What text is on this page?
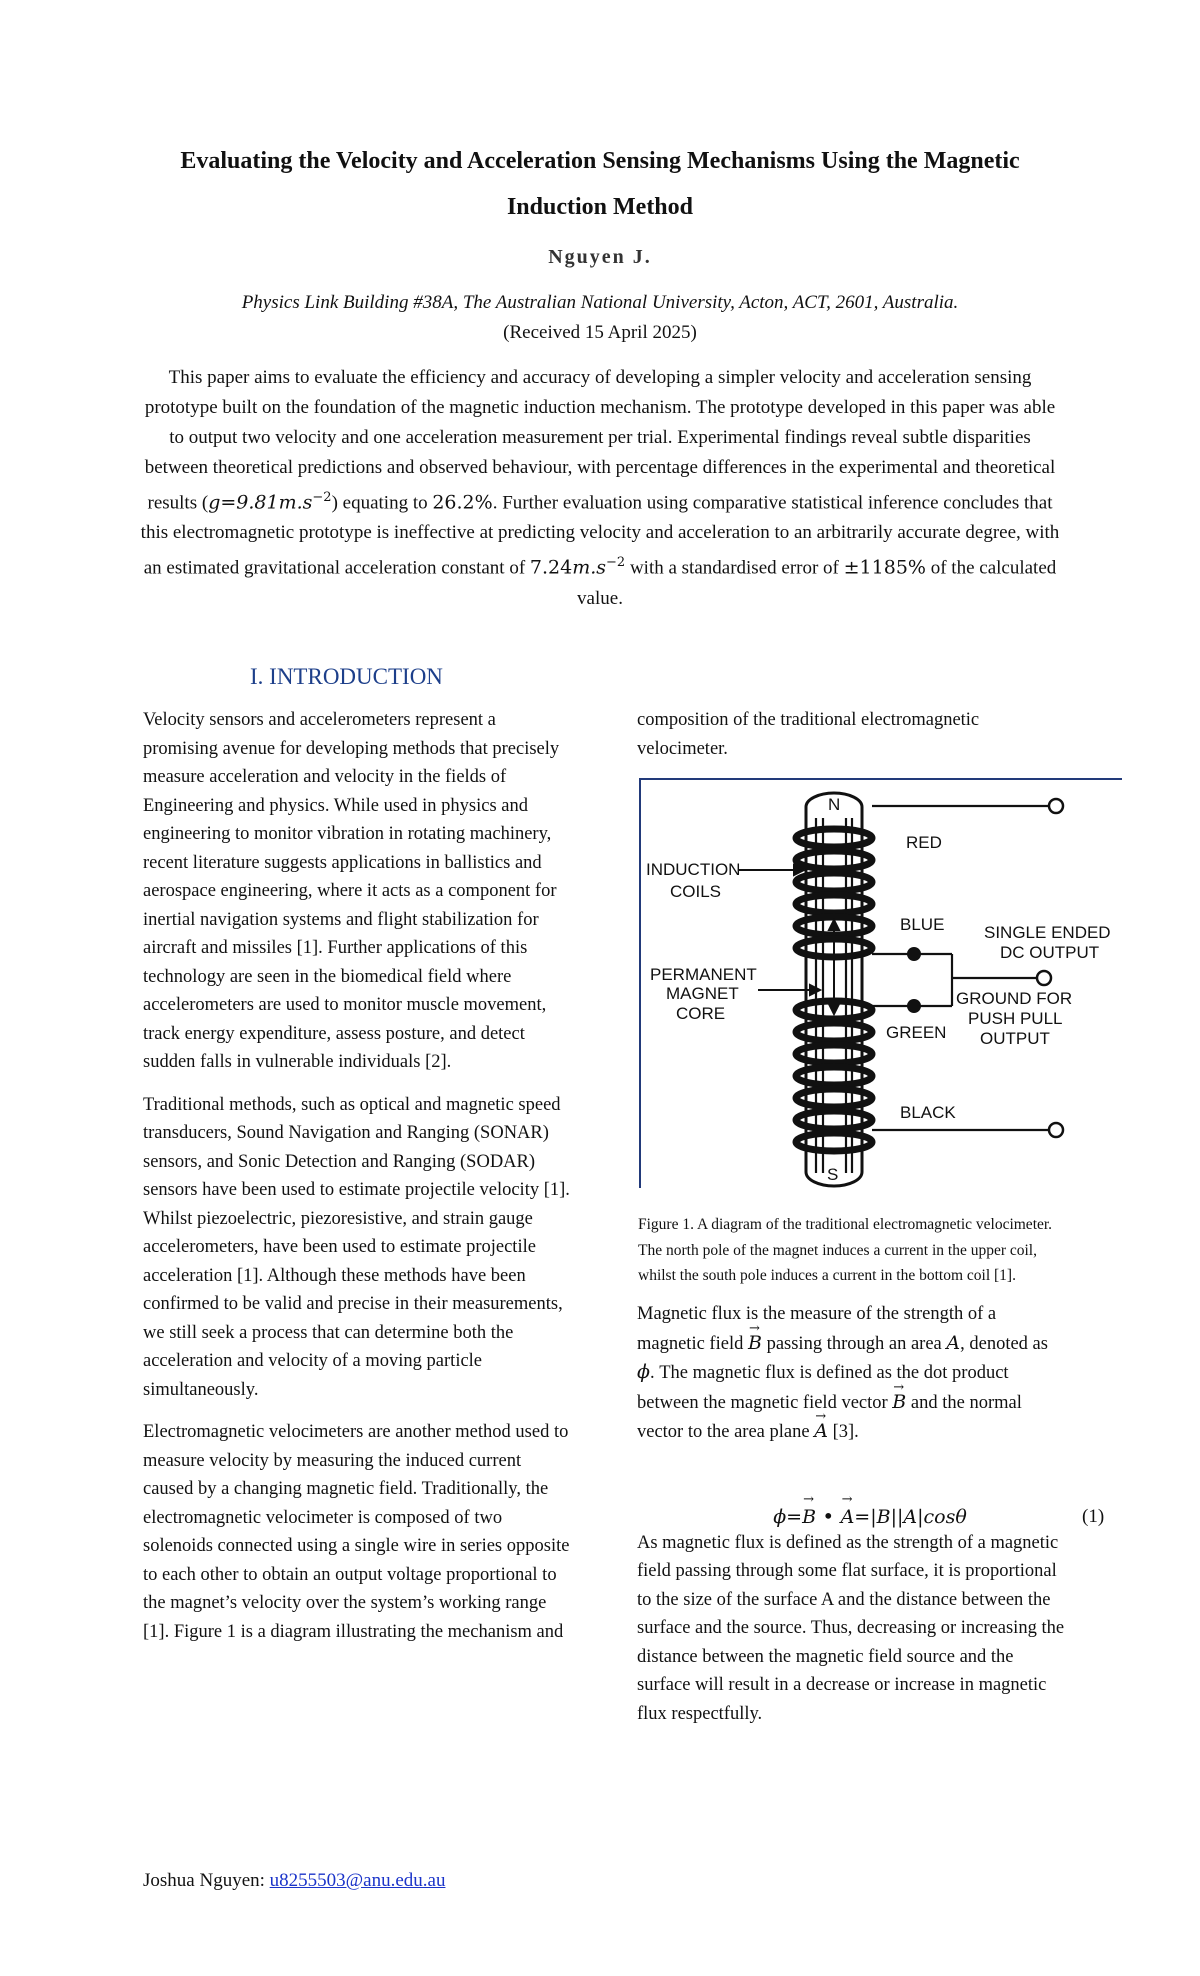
Evaluating the Velocity and Acceleration Sensing Mechanisms Using the Magnetic
Induction Method
Nguyen J.
Physics Link Building #38A, The Australian National University, Acton, ACT, 2601, Australia.
(Received 15 April 2025)
This paper aims to evaluate the efficiency and accuracy of developing a simpler velocity and acceleration sensing prototype built on the foundation of the magnetic induction mechanism. The prototype developed in this paper was able to output two velocity and one acceleration measurement per trial. Experimental findings reveal subtle disparities between theoretical predictions and observed behaviour, with percentage differences in the experimental and theoretical results $(g=9.81m.s^{-2})$ equating to 26.2%. Further evaluation using comparative statistical inference concludes that this electromagnetic prototype is ineffective at predicting velocity and acceleration to an arbitrarily accurate degree, with an estimated gravitational acceleration constant of $7.24m.s^{-2}$ with a standardised error of ±1185% of the calculated value.
I. INTRODUCTION

Velocity sensors and accelerometers represent a promising avenue for developing methods that precisely measure acceleration and velocity in the fields of Engineering and physics. While used in physics and engineering to monitor vibration in rotating machinery, recent literature suggests applications in ballistics and aerospace engineering, where it acts as a component for inertial navigation systems and flight stabilization for aircraft and missiles [1]. Further applications of this technology are seen in the biomedical field where accelerometers are used to monitor muscle movement, track energy expenditure, assess posture, and detect sudden falls in vulnerable individuals [2].

Traditional methods, such as optical and magnetic speed transducers, Sound Navigation and Ranging (SONAR) sensors, and Sonic Detection and Ranging (SODAR) sensors have been used to estimate projectile velocity [1]. Whilst piezoelectric, piezoresistive, and strain gauge accelerometers, have been used to estimate projectile acceleration [1]. Although these methods have been confirmed to be valid and precise in their measurements, we still seek a process that can determine both the acceleration and velocity of a moving particle simultaneously.

Electromagnetic velocimeters are another method used to measure velocity by measuring the induced current caused by a changing magnetic field. Traditionally, the electromagnetic velocimeter is composed of two solenoids connected using a single wire in series opposite to each other to obtain an output voltage proportional to the magnet’s velocity over the system’s working range [1]. Figure 1 is a diagram illustrating the mechanism and

composition of the traditional electromagnetic velocimeter.

N
S
INDUCTION
COILS
PERMANENT
MAGNET
CORE
RED
BLUE
GREEN
BLACK
SINGLE ENDED
DC OUTPUT
GROUND FOR
PUSH PULL
OUTPUT
Figure 1. A diagram of the traditional electromagnetic velocimeter. The north pole of the magnet induces a current in the upper coil, whilst the south pole induces a current in the bottom coil [1].

Magnetic flux is the measure of the strength of a magnetic field → B passing through an area A, denoted as ϕ. The magnetic flux is defined as the dot product between the magnetic field vector → B and the normal vector to the area plane → A [3].

As magnetic flux is defined as the strength of a magnetic field passing through some flat surface, it is proportional to the size of the surface A and the distance between the surface and the source. Thus, decreasing or increasing the distance between the magnetic field source and the surface will result in a decrease or increase in magnetic flux respectfully.

ϕ=→ B • → A=|B||A|cosθ	(1)
Joshua Nguyen: u8255503@anu.edu.au
